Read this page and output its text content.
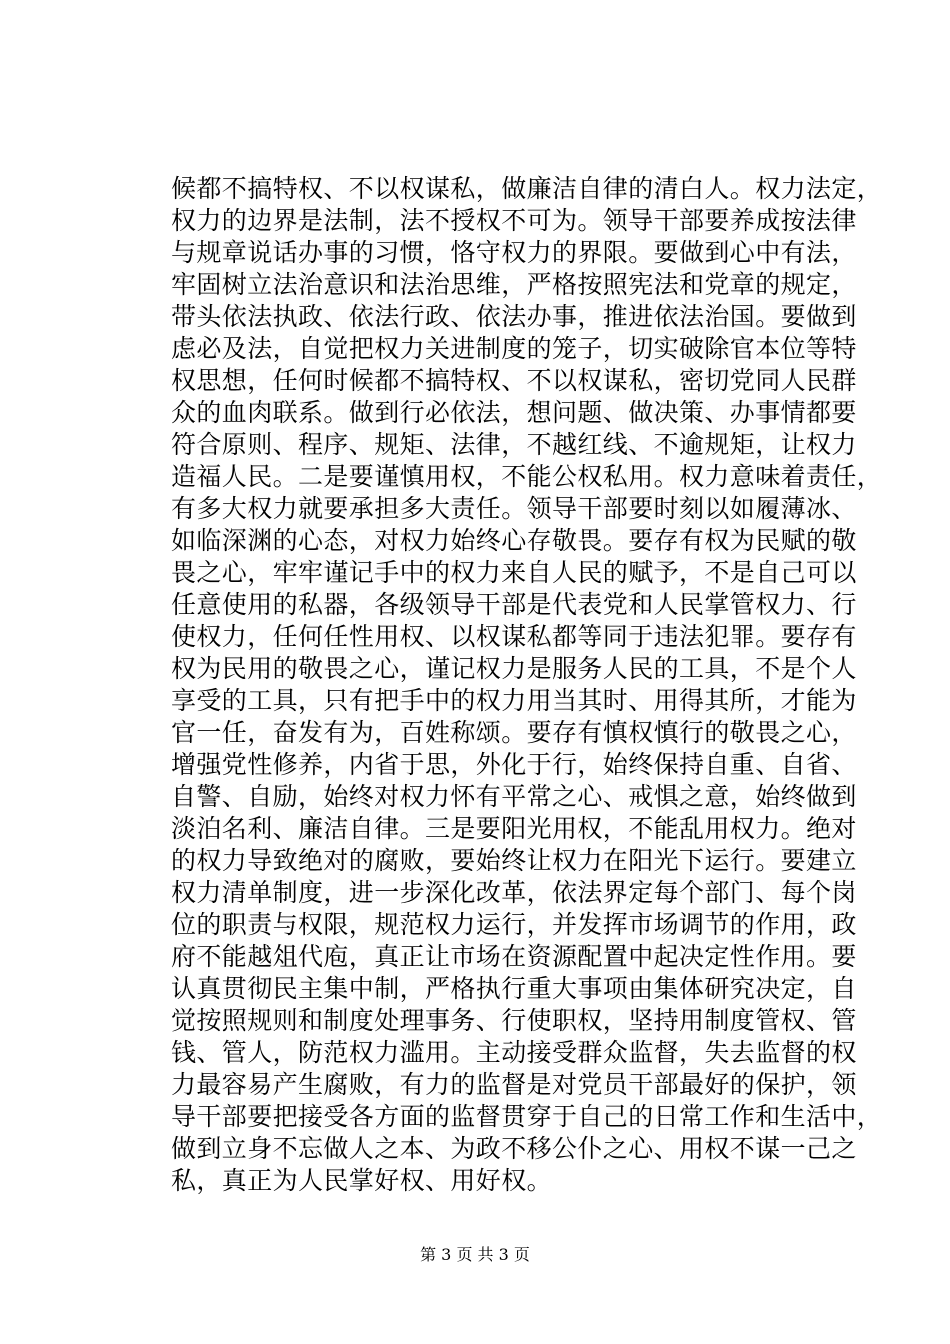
候都不搞特权、不以权谋私，做廉洁自律的清白人。权力法定，
权力的边界是法制，法不授权不可为。领导干部要养成按法律
与规章说话办事的习惯，恪守权力的界限。要做到心中有法，
牢固树立法治意识和法治思维，严格按照宪法和党章的规定，
带头依法执政、依法行政、依法办事，推进依法治国。要做到
虑必及法，自觉把权力关进制度的笼子，切实破除官本位等特
权思想，任何时候都不搞特权、不以权谋私，密切党同人民群
众的血肉联系。做到行必依法，想问题、做决策、办事情都要
符合原则、程序、规矩、法律，不越红线、不逾规矩，让权力
造福人民。二是要谨慎用权，不能公权私用。权力意味着责任，
有多大权力就要承担多大责任。领导干部要时刻以如履薄冰、
如临深渊的心态，对权力始终心存敬畏。要存有权为民赋的敬
畏之心，牢牢谨记手中的权力来自人民的赋予，不是自己可以
任意使用的私器，各级领导干部是代表党和人民掌管权力、行
使权力，任何任性用权、以权谋私都等同于违法犯罪。要存有
权为民用的敬畏之心，谨记权力是服务人民的工具，不是个人
享受的工具，只有把手中的权力用当其时、用得其所，才能为
官一任，奋发有为，百姓称颂。要存有慎权慎行的敬畏之心，
增强党性修养，内省于思，外化于行，始终保持自重、自省、
自警、自励，始终对权力怀有平常之心、戒惧之意，始终做到
淡泊名利、廉洁自律。三是要阳光用权，不能乱用权力。绝对
的权力导致绝对的腐败，要始终让权力在阳光下运行。要建立
权力清单制度，进一步深化改革，依法界定每个部门、每个岗
位的职责与权限，规范权力运行，并发挥市场调节的作用，政
府不能越俎代庖，真正让市场在资源配置中起决定性作用。要
认真贯彻民主集中制，严格执行重大事项由集体研究决定，自
觉按照规则和制度处理事务、行使职权，坚持用制度管权、管
钱、管人，防范权力滥用。主动接受群众监督，失去监督的权
力最容易产生腐败，有力的监督是对党员干部最好的保护，领
导干部要把接受各方面的监督贯穿于自己的日常工作和生活中，
做到立身不忘做人之本、为政不移公仆之心、用权不谋一己之
私，真正为人民掌好权、用好权。
第 3 页 共 3 页
